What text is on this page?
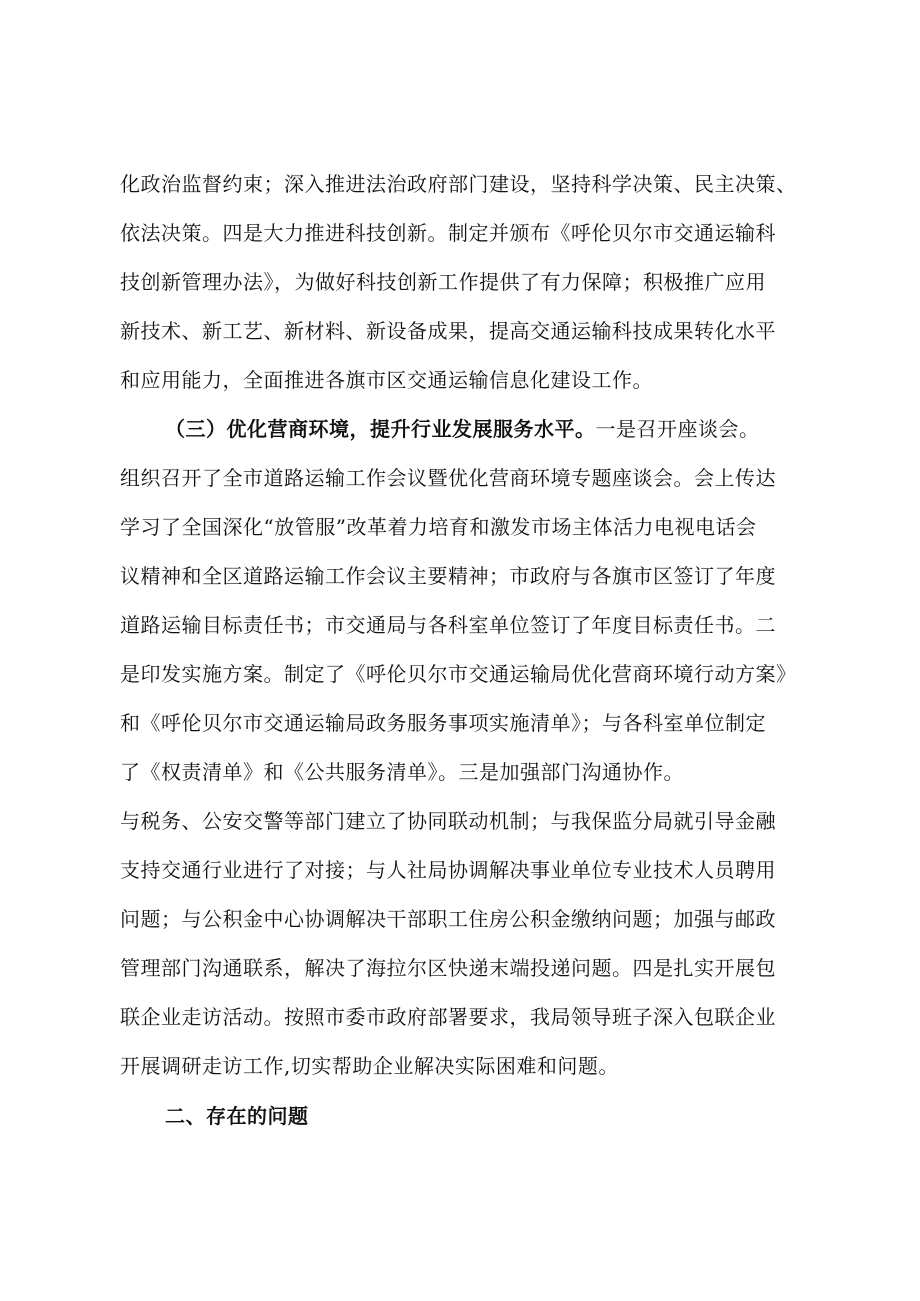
化政治监督约束；深入推进法治政府部门建设，坚持科学决策、民主决策、
依法决策。四是大力推进科技创新。制定并颁布《呼伦贝尔市交通运输科
技创新管理办法》，为做好科技创新工作提供了有力保障；积极推广应用
新技术、新工艺、新材料、新设备成果，提高交通运输科技成果转化水平
和应用能力，全面推进各旗市区交通运输信息化建设工作。
（三）优化营商环境，提升行业发展服务水平。一是召开座谈会。
组织召开了全市道路运输工作会议暨优化营商环境专题座谈会。会上传达
学习了全国深化“放管服”改革着力培育和激发市场主体活力电视电话会
议精神和全区道路运输工作会议主要精神；市政府与各旗市区签订了年度
道路运输目标责任书；市交通局与各科室单位签订了年度目标责任书。二
是印发实施方案。制定了《呼伦贝尔市交通运输局优化营商环境行动方案》
和《呼伦贝尔市交通运输局政务服务事项实施清单》；与各科室单位制定
了《权责清单》和《公共服务清单》。三是加强部门沟通协作。
与税务、公安交警等部门建立了协同联动机制；与我保监分局就引导金融
支持交通行业进行了对接；与人社局协调解决事业单位专业技术人员聘用
问题；与公积金中心协调解决干部职工住房公积金缴纳问题；加强与邮政
管理部门沟通联系，解决了海拉尔区快递末端投递问题。四是扎实开展包
联企业走访活动。按照市委市政府部署要求，我局领导班子深入包联企业
开展调研走访工作,切实帮助企业解决实际困难和问题。
二、存在的问题
